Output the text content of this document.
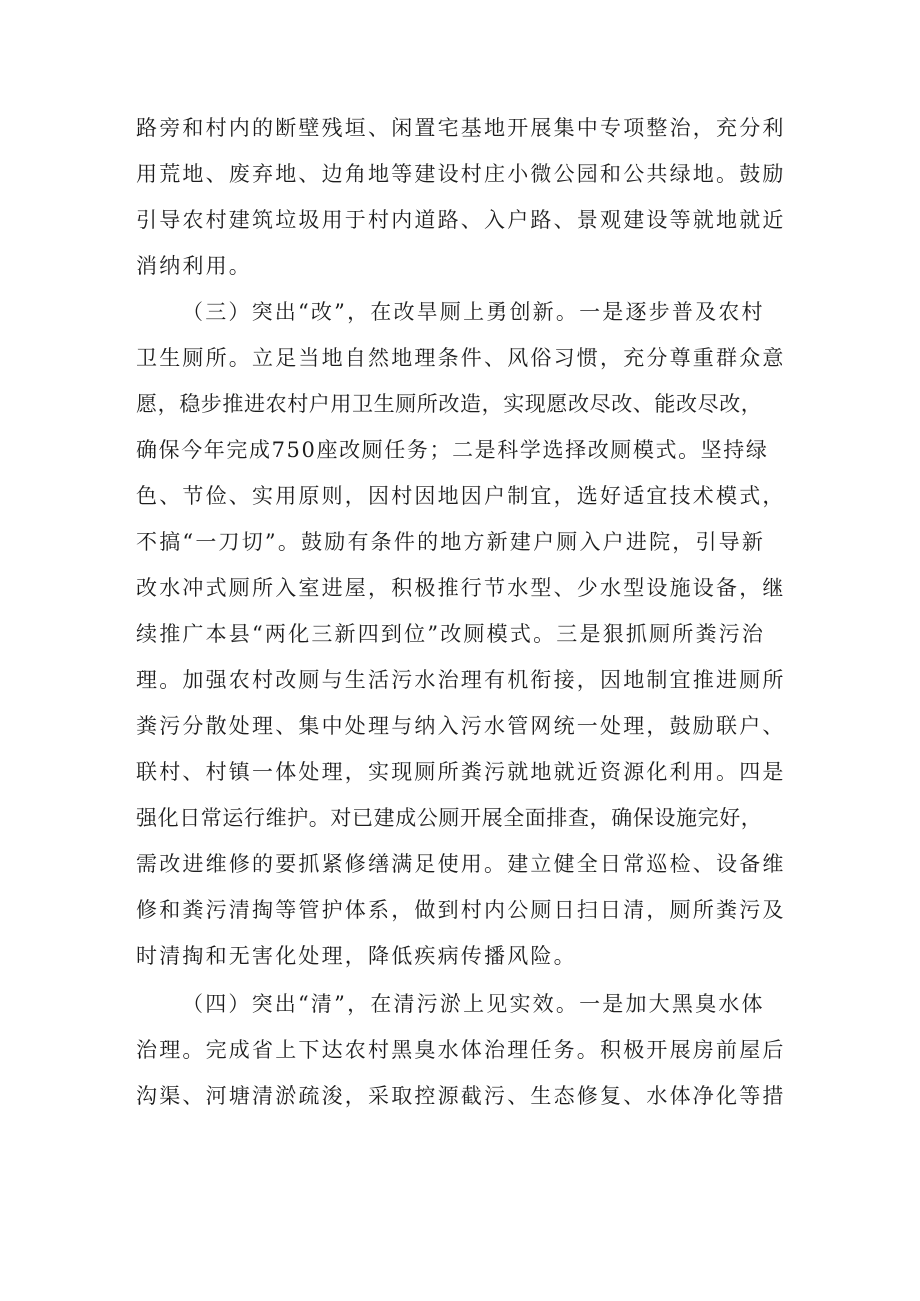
路旁和村内的断壁残垣、闲置宅基地开展集中专项整治，充分利
用荒地、废弃地、边角地等建设村庄小微公园和公共绿地。鼓励
引导农村建筑垃圾用于村内道路、入户路、景观建设等就地就近
消纳利用。
（三）突出“改”，在改旱厕上勇创新。一是逐步普及农村
卫生厕所。立足当地自然地理条件、风俗习惯，充分尊重群众意
愿，稳步推进农村户用卫生厕所改造，实现愿改尽改、能改尽改，
确保今年完成750座改厕任务；二是科学选择改厕模式。坚持绿
色、节俭、实用原则，因村因地因户制宜，选好适宜技术模式，
不搞“一刀切”。鼓励有条件的地方新建户厕入户进院，引导新
改水冲式厕所入室进屋，积极推行节水型、少水型设施设备，继
续推广本县“两化三新四到位”改厕模式。三是狠抓厕所粪污治
理。加强农村改厕与生活污水治理有机衔接，因地制宜推进厕所
粪污分散处理、集中处理与纳入污水管网统一处理，鼓励联户、
联村、村镇一体处理，实现厕所粪污就地就近资源化利用。四是
强化日常运行维护。对已建成公厕开展全面排查，确保设施完好，
需改进维修的要抓紧修缮满足使用。建立健全日常巡检、设备维
修和粪污清掏等管护体系，做到村内公厕日扫日清，厕所粪污及
时清掏和无害化处理，降低疾病传播风险。
（四）突出“清”，在清污淤上见实效。一是加大黑臭水体
治理。完成省上下达农村黑臭水体治理任务。积极开展房前屋后
沟渠、河塘清淤疏浚，采取控源截污、生态修复、水体净化等措
